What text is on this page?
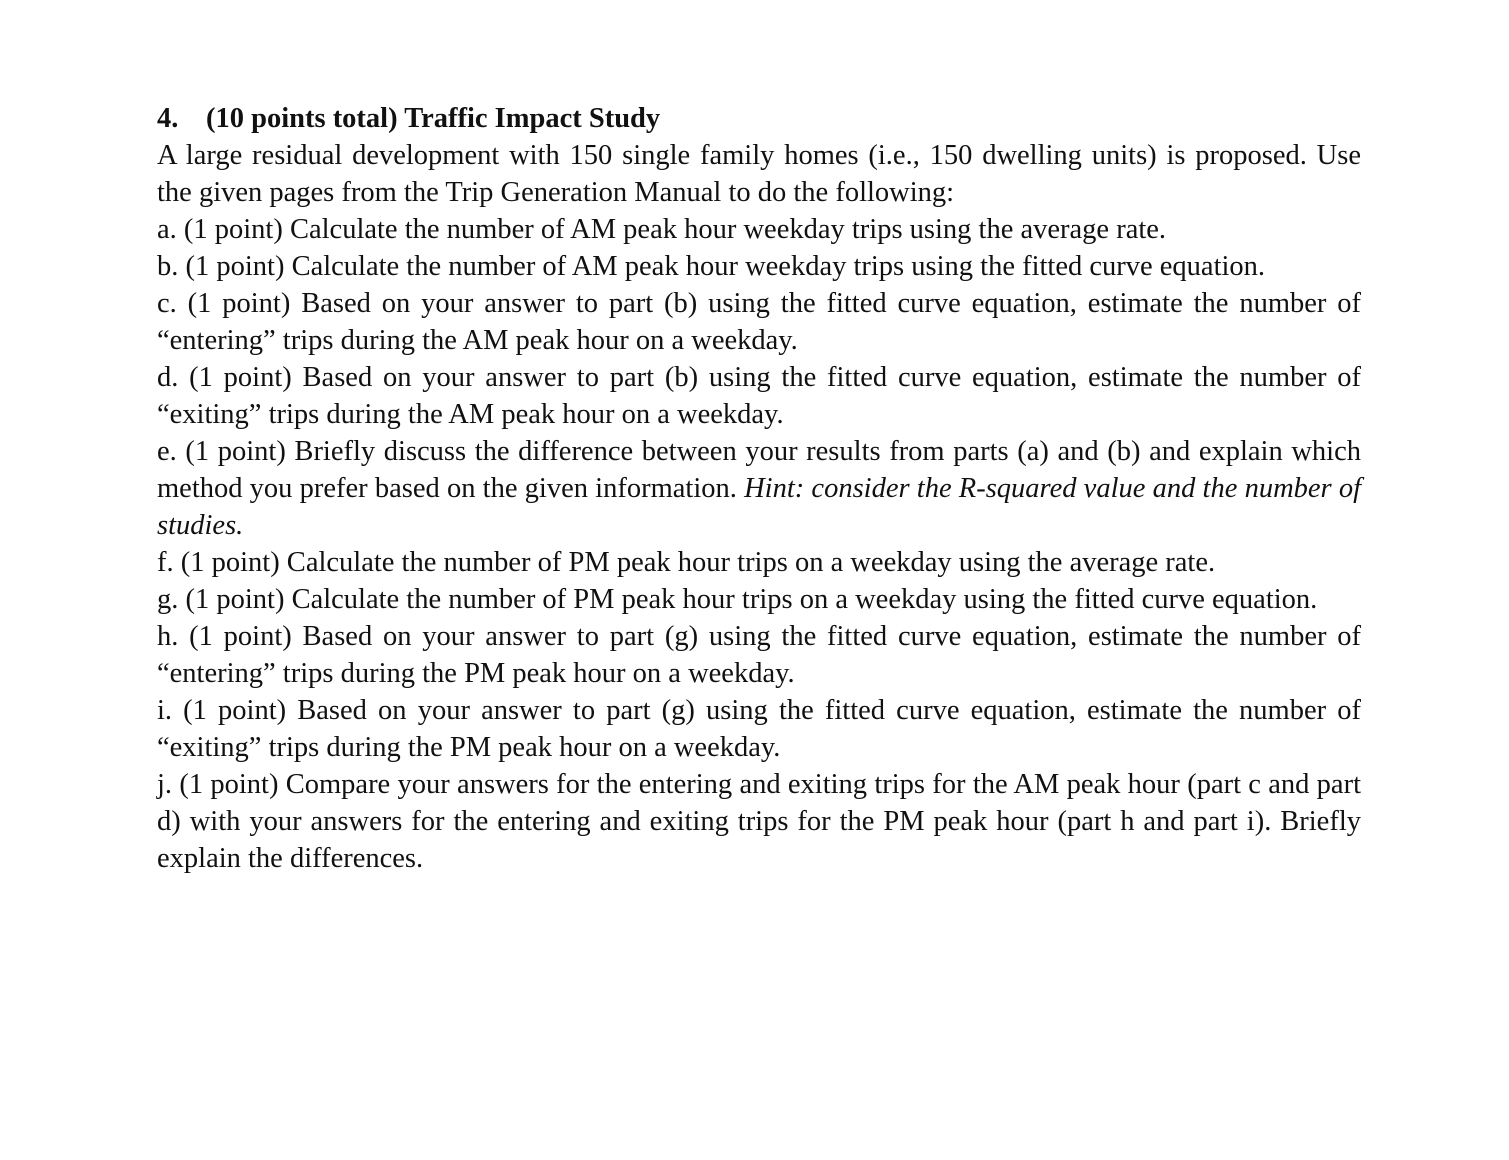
4. (10 points total) Traffic Impact Study

A large residual development with 150 single family homes (i.e., 150 dwelling units) is proposed. Use the given pages from the Trip Generation Manual to do the following:

a. (1 point) Calculate the number of AM peak hour weekday trips using the average rate.

b. (1 point) Calculate the number of AM peak hour weekday trips using the fitted curve equation.

c. (1 point) Based on your answer to part (b) using the fitted curve equation, estimate the number of “entering” trips during the AM peak hour on a weekday.

d. (1 point) Based on your answer to part (b) using the fitted curve equation, estimate the number of “exiting” trips during the AM peak hour on a weekday.

e. (1 point) Briefly discuss the difference between your results from parts (a) and (b) and explain which method you prefer based on the given information. Hint: consider the R-squared value and the number of studies.

f. (1 point) Calculate the number of PM peak hour trips on a weekday using the average rate.

g. (1 point) Calculate the number of PM peak hour trips on a weekday using the fitted curve equation.

h. (1 point) Based on your answer to part (g) using the fitted curve equation, estimate the number of “entering” trips during the PM peak hour on a weekday.

i. (1 point) Based on your answer to part (g) using the fitted curve equation, estimate the number of “exiting” trips during the PM peak hour on a weekday.

j. (1 point) Compare your answers for the entering and exiting trips for the AM peak hour (part c and part d) with your answers for the entering and exiting trips for the PM peak hour (part h and part i). Briefly explain the differences.
